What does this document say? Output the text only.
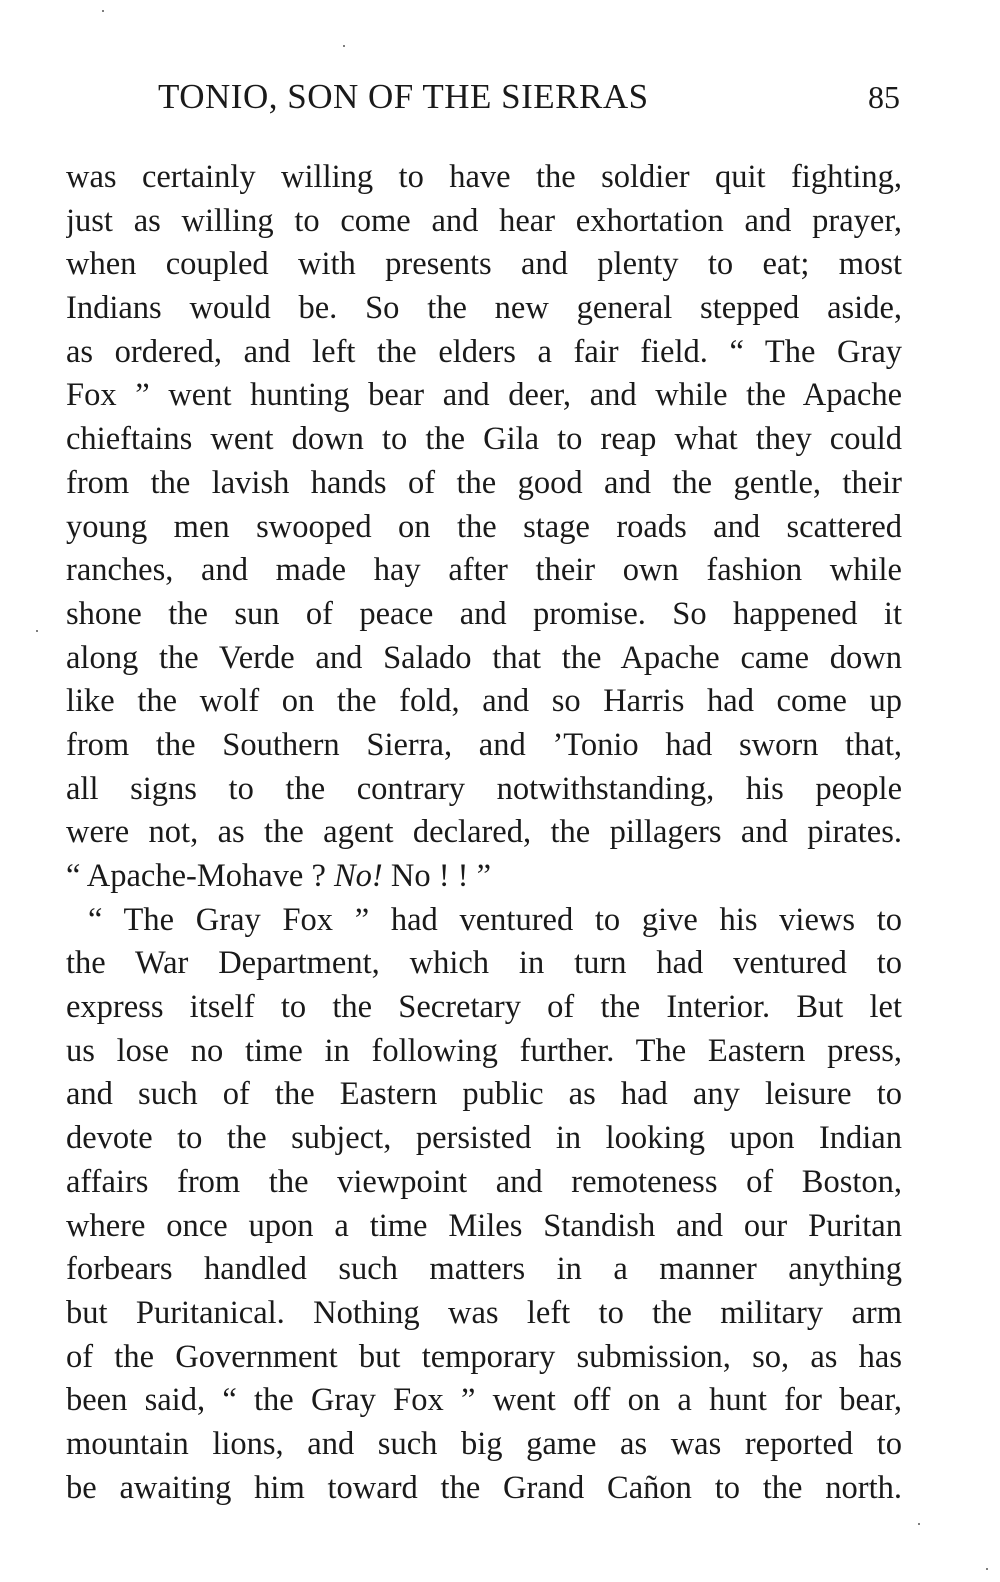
TONIO, SON OF THE SIERRAS	85
was certainly willing to have the soldier quit fighting,
just as willing to come and hear exhortation and prayer,
when coupled with presents and plenty to eat; most
Indians would be. So the new general stepped aside,
as ordered, and left the elders a fair field. “ The Gray
Fox ” went hunting bear and deer, and while the Apache
chieftains went down to the Gila to reap what they could
from the lavish hands of the good and the gentle, their
young men swooped on the stage roads and scattered
ranches, and made hay after their own fashion while
shone the sun of peace and promise. So happened it
along the Verde and Salado that the Apache came down
like the wolf on the fold, and so Harris had come up
from the Southern Sierra, and ’Tonio had sworn that,
all signs to the contrary notwithstanding, his people
were not, as the agent declared, the pillagers and pirates.
“ Apache-Mohave ? No! No ! ! ”
“ The Gray Fox ” had ventured to give his views to
the War Department, which in turn had ventured to
express itself to the Secretary of the Interior. But let
us lose no time in following further. The Eastern press,
and such of the Eastern public as had any leisure to
devote to the subject, persisted in looking upon Indian
affairs from the viewpoint and remoteness of Boston,
where once upon a time Miles Standish and our Puritan
forbears handled such matters in a manner anything
but Puritanical. Nothing was left to the military arm
of the Government but temporary submission, so, as has
been said, “ the Gray Fox ” went off on a hunt for bear,
mountain lions, and such big game as was reported to
be awaiting him toward the Grand Cañon to the north.
